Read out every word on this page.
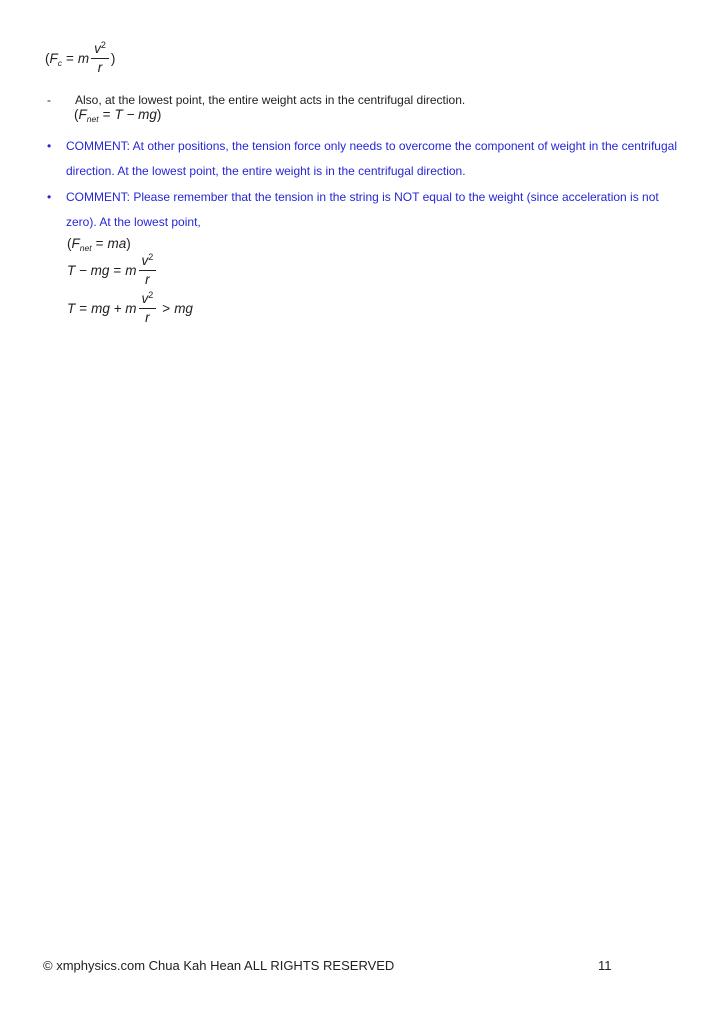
($F_c = m \frac{v^2}{r}$ )
-	Also, at the lowest point, the entire weight acts in the centrifugal direction.
$(F_{net} = T - mg)$
•	COMMENT: At other positions, the tension force only needs to overcome the component of weight in the centrifugal direction. At the lowest point, the entire weight is in the centrifugal direction.
•	COMMENT: Please remember that the tension in the string is NOT equal to the weight (since acceleration is not zero). At the lowest point,
$(F_{net} = ma)$
T − mg = m $\frac{v^2}{r}$
T = mg + m $\frac{v^2}{r}$ > mg
© xmphysics.com Chua Kah Hean ALL RIGHTS RESERVED	11
